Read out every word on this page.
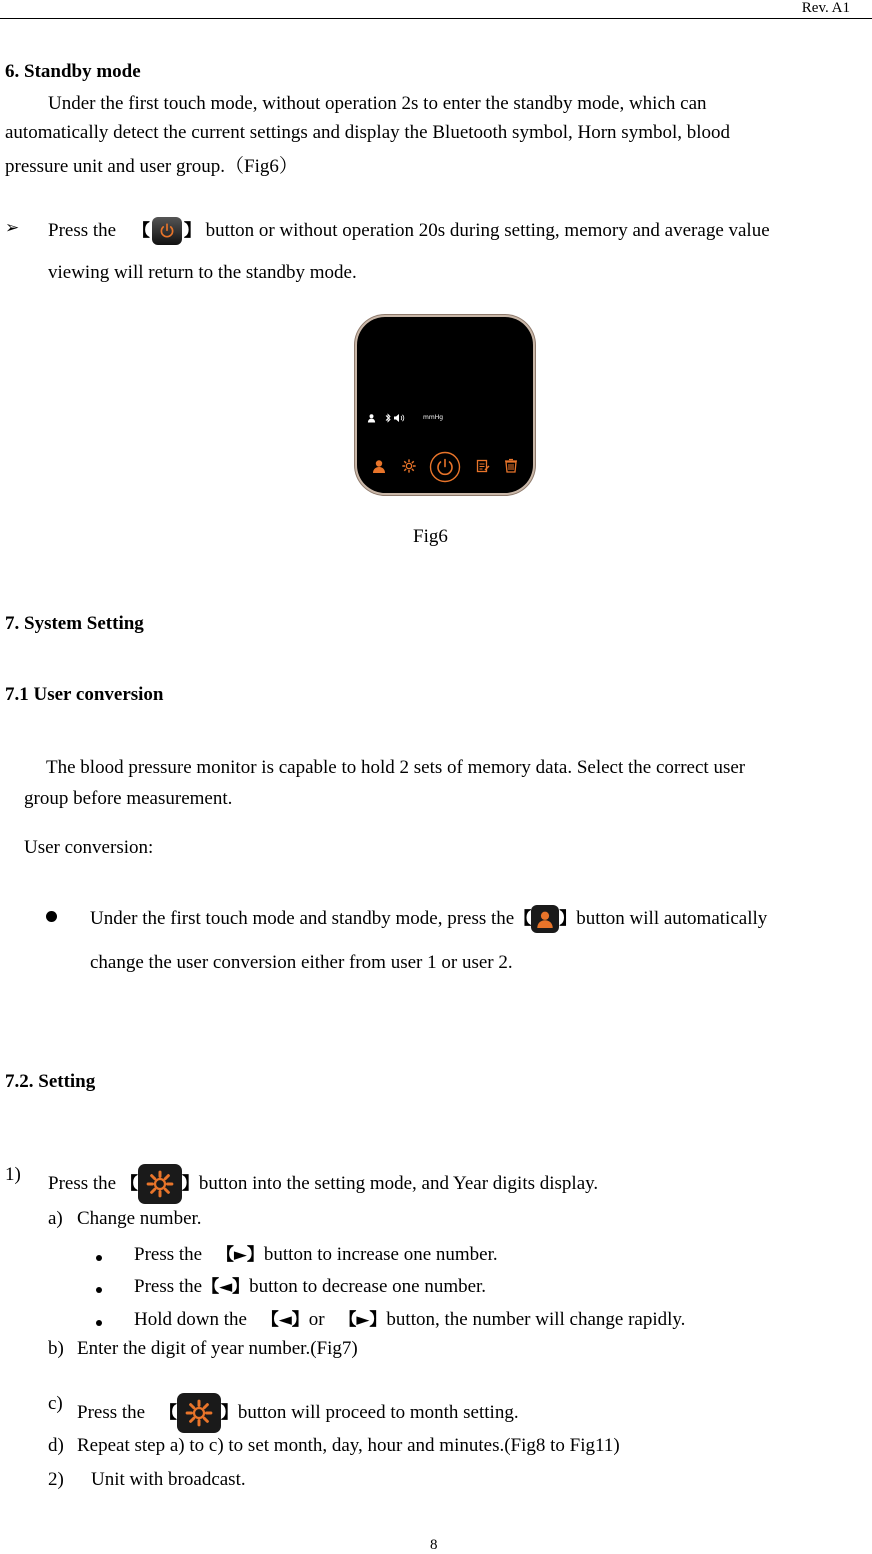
Rev. A1
6. Standby mode
Under the first touch mode, without operation 2s to enter the standby mode, which can
automatically detect the current settings and display the Bluetooth symbol, Horn symbol, blood
pressure unit and user group.（Fig6）
➢ Press the 【 】 button or without operation 20s during setting, memory and average value
viewing will return to the standby mode.
mmHg
Fig6
7. System Setting
7.1 User conversion
The blood pressure monitor is capable to hold 2 sets of memory data. Select the correct user
group before measurement.
User conversion:
Under the first touch mode and standby mode, press the【 】button will automatically
change the user conversion either from user 1 or user 2.
7.2. Setting
1) Press the 【	】button into the setting mode, and Year digits display.
a) Change number.
Press the 【►】button to increase one number.
Press the【◄】button to decrease one number.
Hold down the 【◄】or 【►】button, the number will change rapidly.
b) Enter the digit of year number.(Fig7)
c) Press the 【	】button will proceed to month setting.
d) Repeat step a) to c) to set month, day, hour and minutes.(Fig8 to Fig11)
2) Unit with broadcast.
8
